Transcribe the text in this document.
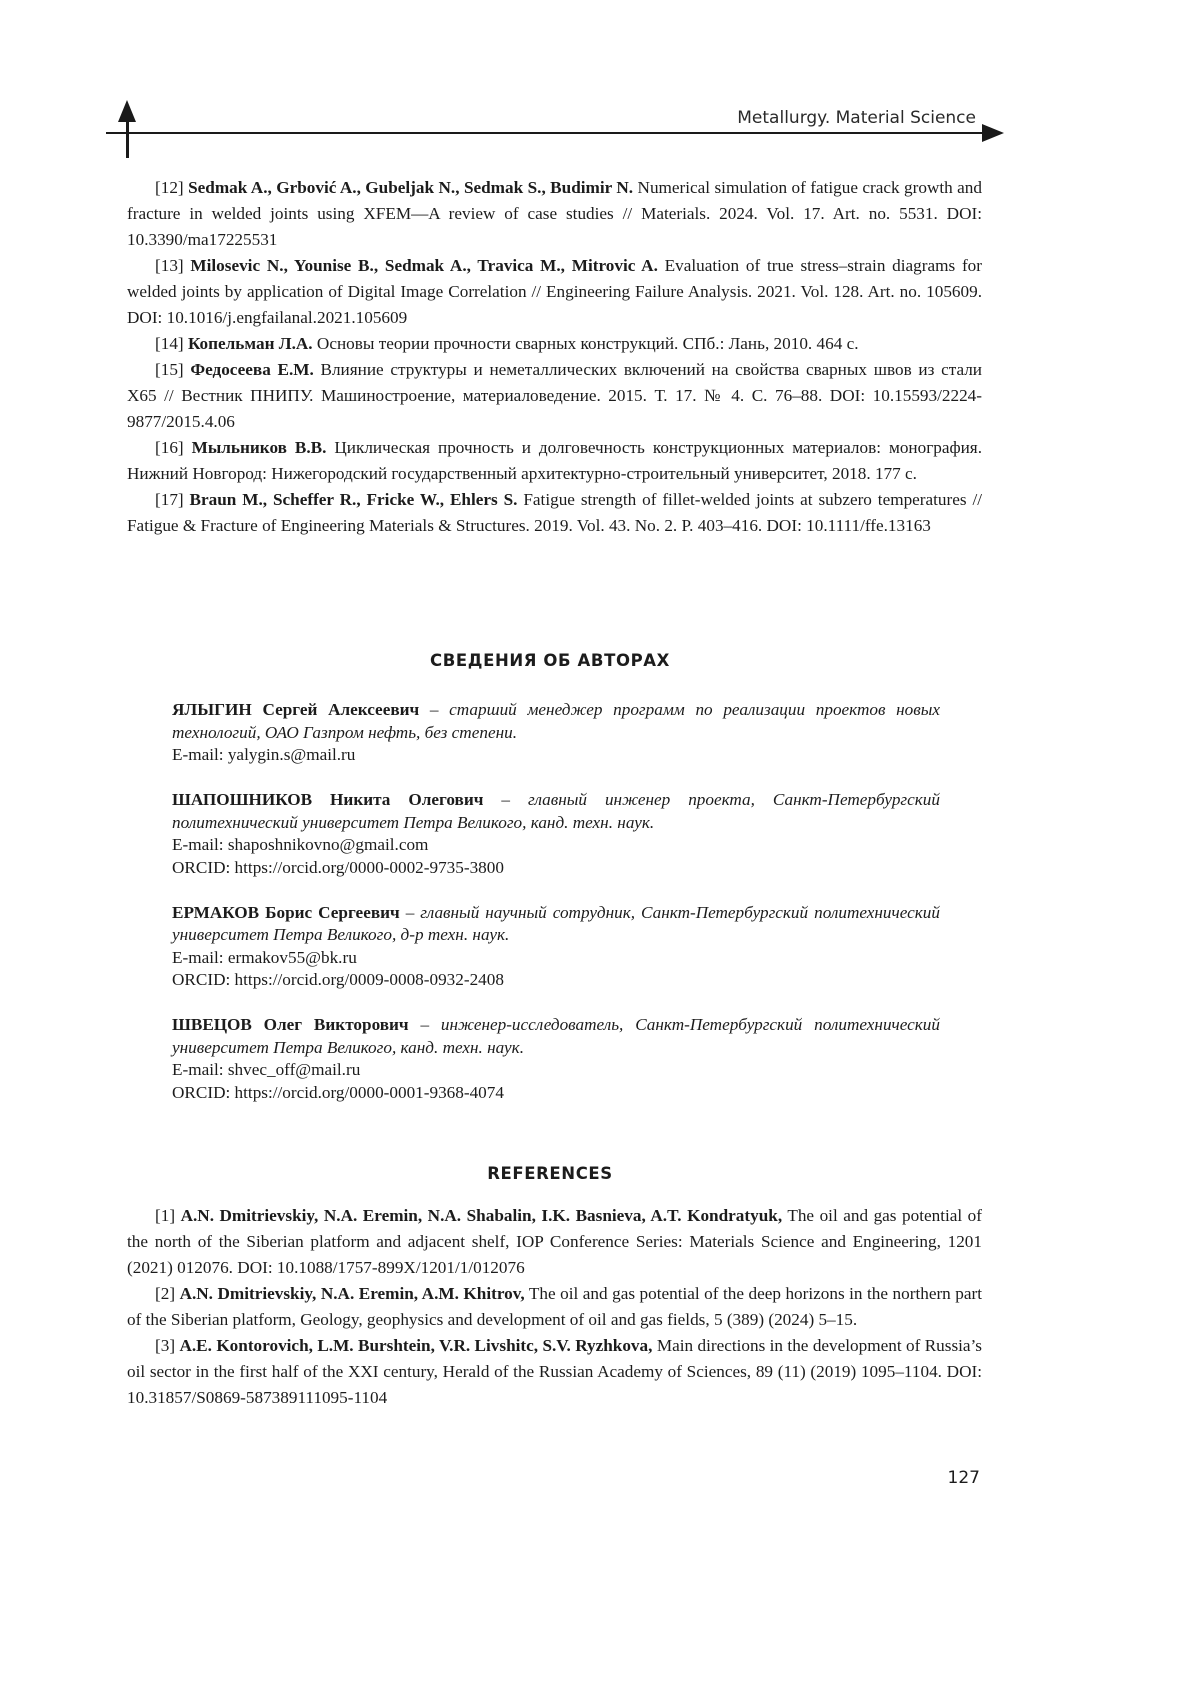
Metallurgy. Material Science

[12] Sedmak A., Grbović A., Gubeljak N., Sedmak S., Budimir N. Numerical simulation of fatigue crack growth and fracture in welded joints using XFEM—A review of case studies // Materials. 2024. Vol. 17. Art. no. 5531. DOI: 10.3390/ma17225531

[13] Milosevic N., Younise B., Sedmak A., Travica M., Mitrovic A. Evaluation of true stress–strain diagrams for welded joints by application of Digital Image Correlation // Engineering Failure Analysis. 2021. Vol. 128. Art. no. 105609. DOI: 10.1016/j.engfailanal.2021.105609

[14] Копельман Л.А. Основы теории прочности сварных конструкций. СПб.: Лань, 2010. 464 с.

[15] Федосеева Е.М. Влияние структуры и неметаллических включений на свойства сварных швов из стали Х65 // Вестник ПНИПУ. Машиностроение, материаловедение. 2015. Т. 17. № 4. С. 76–88. DOI: 10.15593/2224-9877/2015.4.06

[16] Мыльников В.В. Циклическая прочность и долговечность конструкционных материалов: монография. Нижний Новгород: Нижегородский государственный архитектурно-строительный университет, 2018. 177 с.

[17] Braun M., Scheffer R., Fricke W., Ehlers S. Fatigue strength of fillet-welded joints at subzero temperatures // Fatigue & Fracture of Engineering Materials & Structures. 2019. Vol. 43. No. 2. P. 403–416. DOI: 10.1111/ffe.13163

СВЕДЕНИЯ ОБ АВТОРАХ

ЯЛЫГИН Сергей Алексеевич – старший менеджер программ по реализации проектов новых технологий, ОАО Газпром нефть, без степени.

E-mail: yalygin.s@mail.ru

ШАПОШНИКОВ Никита Олегович – главный инженер проекта, Санкт-Петербургский политехнический университет Петра Великого, канд. техн. наук.

E-mail: shaposhnikovno@gmail.com

ORCID: https://orcid.org/0000-0002-9735-3800

ЕРМАКОВ Борис Сергеевич – главный научный сотрудник, Санкт-Петербургский политехнический университет Петра Великого, д-р техн. наук.

E-mail: ermakov55@bk.ru

ORCID: https://orcid.org/0009-0008-0932-2408

ШВЕЦОВ Олег Викторович – инженер-исследователь, Санкт-Петербургский политехнический университет Петра Великого, канд. техн. наук.

E-mail: shvec_off@mail.ru

ORCID: https://orcid.org/0000-0001-9368-4074

REFERENCES

[1] A.N. Dmitrievskiy, N.A. Eremin, N.A. Shabalin, I.K. Basnieva, A.T. Kondratyuk, The oil and gas potential of the north of the Siberian platform and adjacent shelf, IOP Conference Series: Materials Science and Engineering, 1201 (2021) 012076. DOI: 10.1088/1757-899X/1201/1/012076

[2] A.N. Dmitrievskiy, N.A. Eremin, A.M. Khitrov, The oil and gas potential of the deep horizons in the northern part of the Siberian platform, Geology, geophysics and development of oil and gas fields, 5 (389) (2024) 5–15.

[3] A.E. Kontorovich, L.M. Burshtein, V.R. Livshitc, S.V. Ryzhkova, Main directions in the development of Russia’s oil sector in the first half of the XXI century, Herald of the Russian Academy of Sciences, 89 (11) (2019) 1095–1104. DOI: 10.31857/S0869-587389111095-1104

127
